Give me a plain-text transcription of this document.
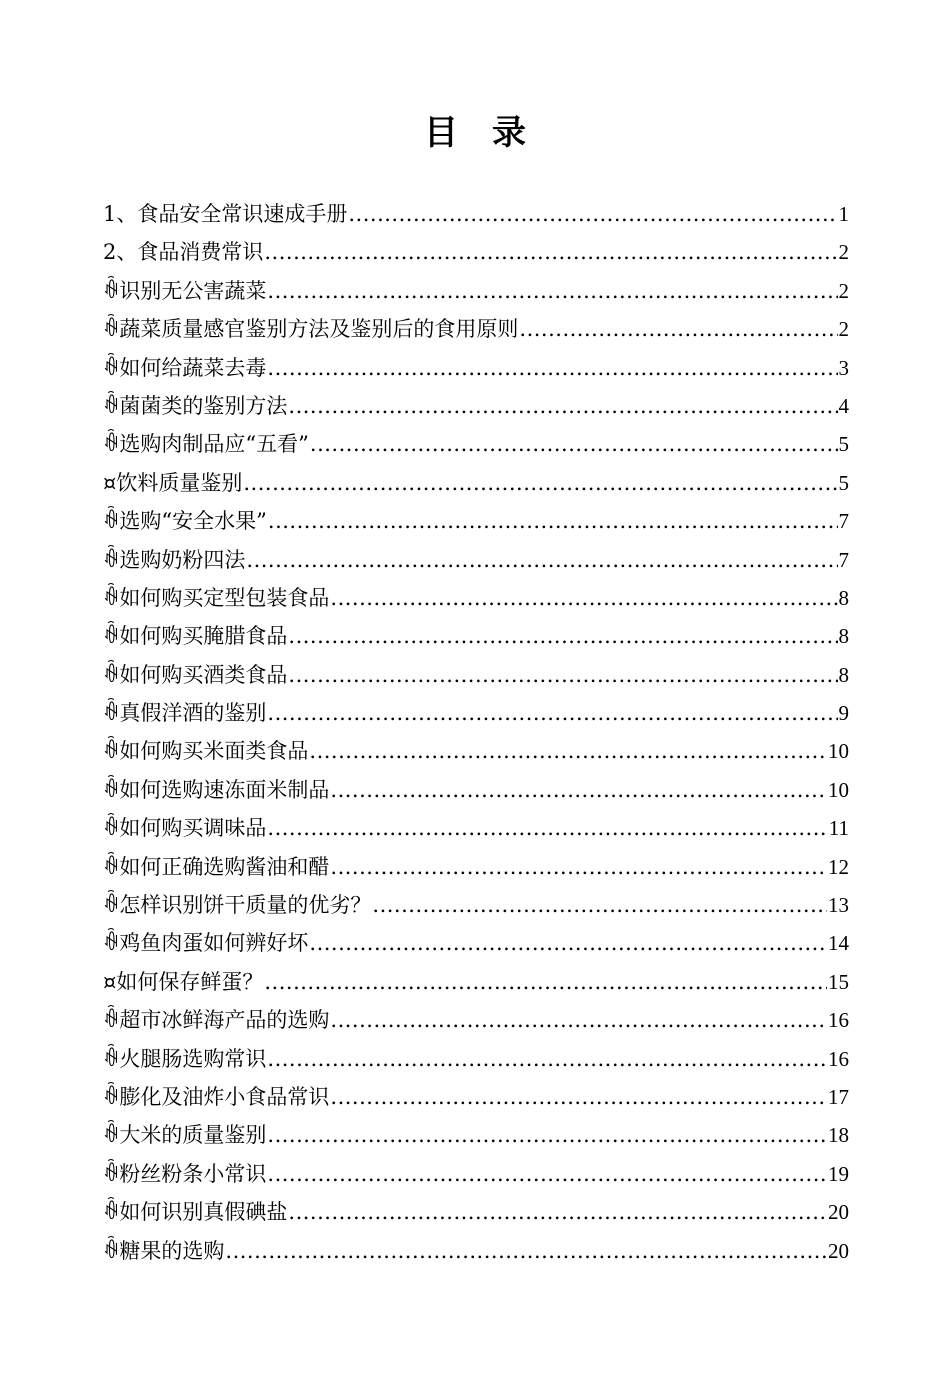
目　录
1、食品安全常识速成手册 .....	1
2、食品消费常识 .....	2
ꊾ识别无公害蔬菜 .....	2
ꊾ蔬菜质量感官鉴别方法及鉴别后的食用原则 .....	2
ꊾ如何给蔬菜去毒 .....	3
ꊾ菌菌类的鉴别方法 .....	4
ꊾ选购肉制品应“五看” .....	5
¤饮料质量鉴别 .....	5
ꊾ选购“安全水果” .....	7
ꊾ选购奶粉四法 .....	7
ꊾ如何购买定型包装食品 .....	8
ꊾ如何购买腌腊食品 .....	8
ꊾ如何购买酒类食品 .....	8
ꊾ真假洋酒的鉴别 .....	9
ꊾ如何购买米面类食品 .....	10
ꊾ如何选购速冻面米制品 .....	10
ꊾ如何购买调味品 .....	11
ꊾ如何正确选购酱油和醋 .....	12
ꊾ怎样识别饼干质量的优劣？ .....	13
ꊾ鸡鱼肉蛋如何辨好坏 .....	14
¤如何保存鲜蛋？ .....	15
ꊾ超市冰鲜海产品的选购 .....	16
ꊾ火腿肠选购常识 .....	16
ꊾ膨化及油炸小食品常识 .....	17
ꊾ大米的质量鉴别 .....	18
ꊾ粉丝粉条小常识 .....	19
ꊾ如何识别真假碘盐 .....	20
ꊾ糖果的选购 .....	20
